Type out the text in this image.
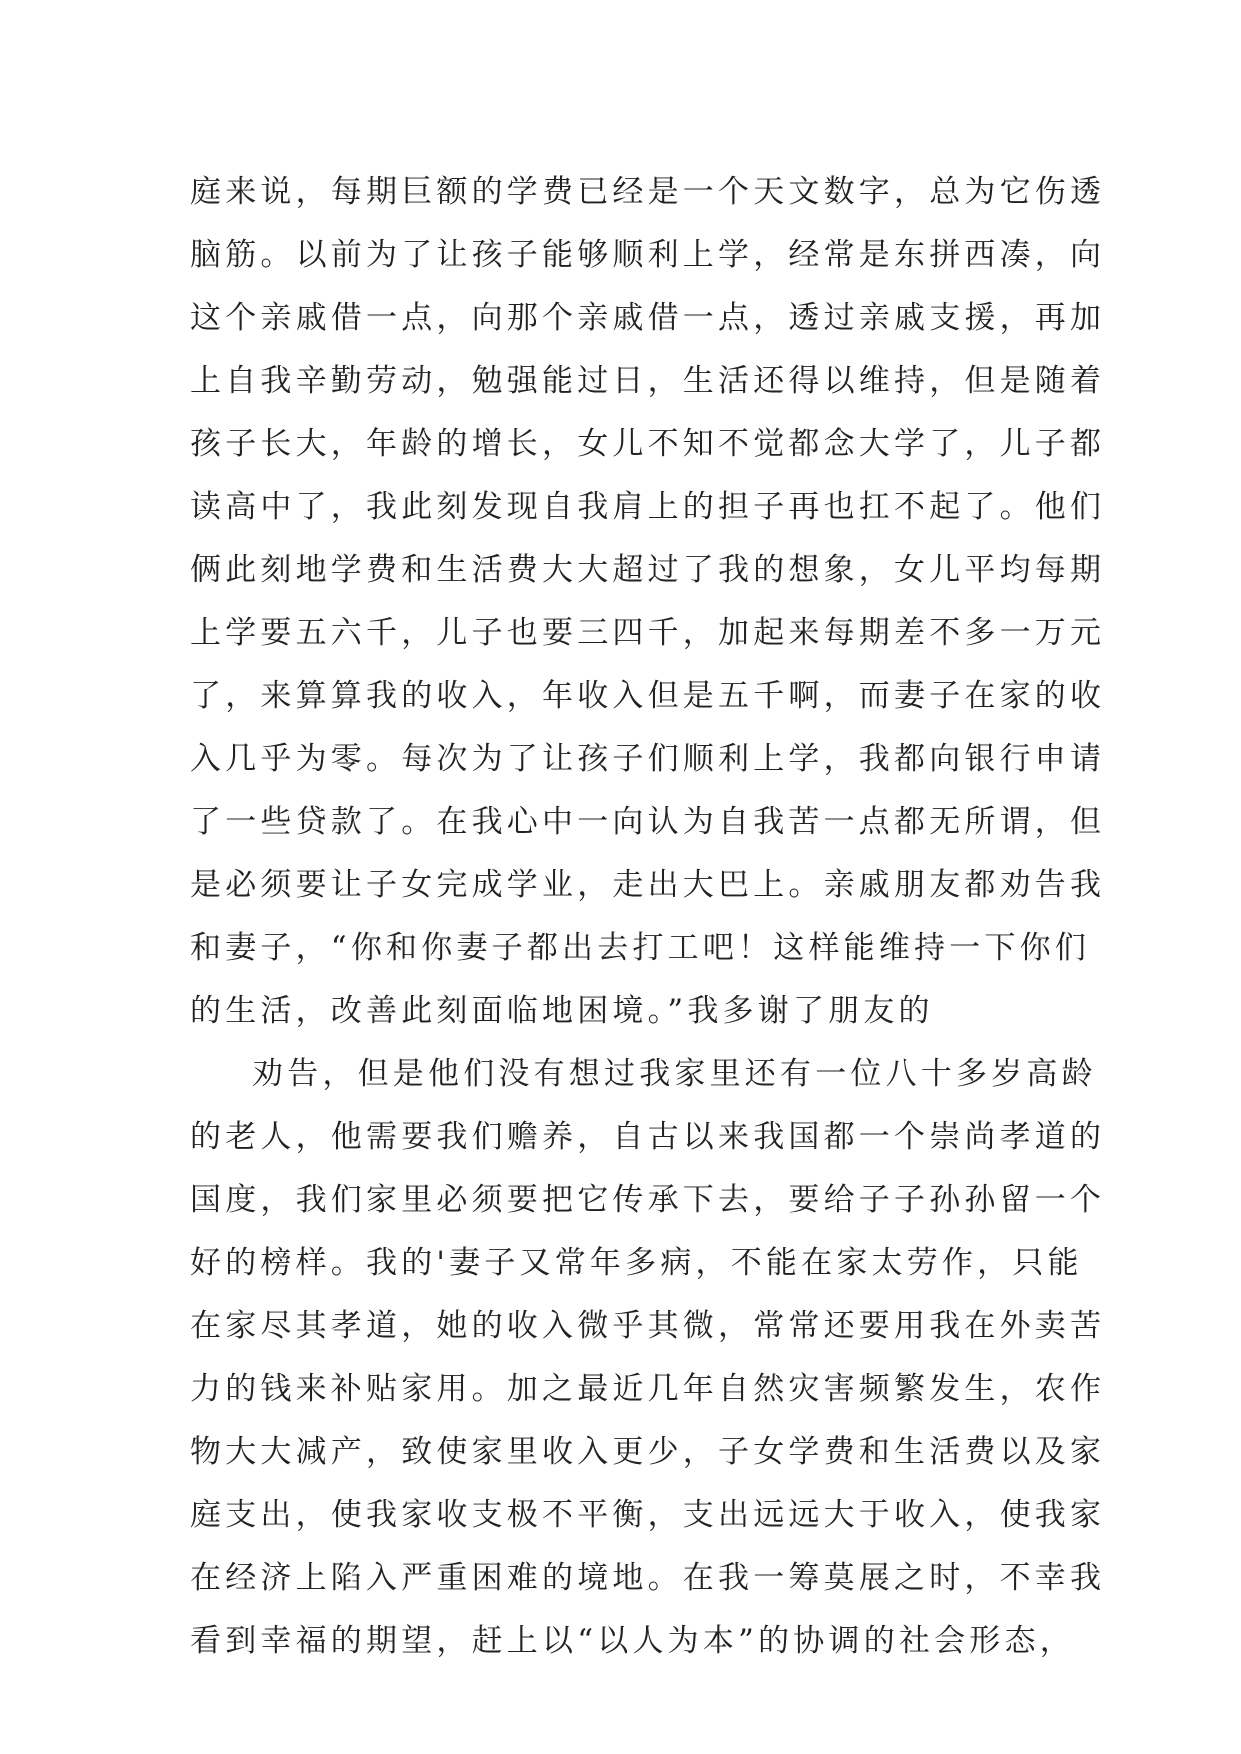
庭来说，每期巨额的学费已经是一个天文数字，总为它伤透
脑筋。以前为了让孩子能够顺利上学，经常是东拼西凑，向
这个亲戚借一点，向那个亲戚借一点，透过亲戚支援，再加
上自我辛勤劳动，勉强能过日，生活还得以维持，但是随着
孩子长大，年龄的增长，女儿不知不觉都念大学了，儿子都
读高中了，我此刻发现自我肩上的担子再也扛不起了。他们
俩此刻地学费和生活费大大超过了我的想象，女儿平均每期
上学要五六千，儿子也要三四千，加起来每期差不多一万元
了，来算算我的收入，年收入但是五千啊，而妻子在家的收
入几乎为零。每次为了让孩子们顺利上学，我都向银行申请
了一些贷款了。在我心中一向认为自我苦一点都无所谓，但
是必须要让子女完成学业，走出大巴上。亲戚朋友都劝告我
和妻子，“你和你妻子都出去打工吧！这样能维持一下你们
的生活，改善此刻面临地困境。”我多谢了朋友的
劝告，但是他们没有想过我家里还有一位八十多岁高龄
的老人，他需要我们赡养，自古以来我国都一个崇尚孝道的
国度，我们家里必须要把它传承下去，要给子子孙孙留一个
好的榜样。我的'妻子又常年多病，不能在家太劳作，只能
在家尽其孝道，她的收入微乎其微，常常还要用我在外卖苦
力的钱来补贴家用。加之最近几年自然灾害频繁发生，农作
物大大减产，致使家里收入更少，子女学费和生活费以及家
庭支出，使我家收支极不平衡，支出远远大于收入，使我家
在经济上陷入严重困难的境地。在我一筹莫展之时，不幸我
看到幸福的期望，赶上以“以人为本”的协调的社会形态，
